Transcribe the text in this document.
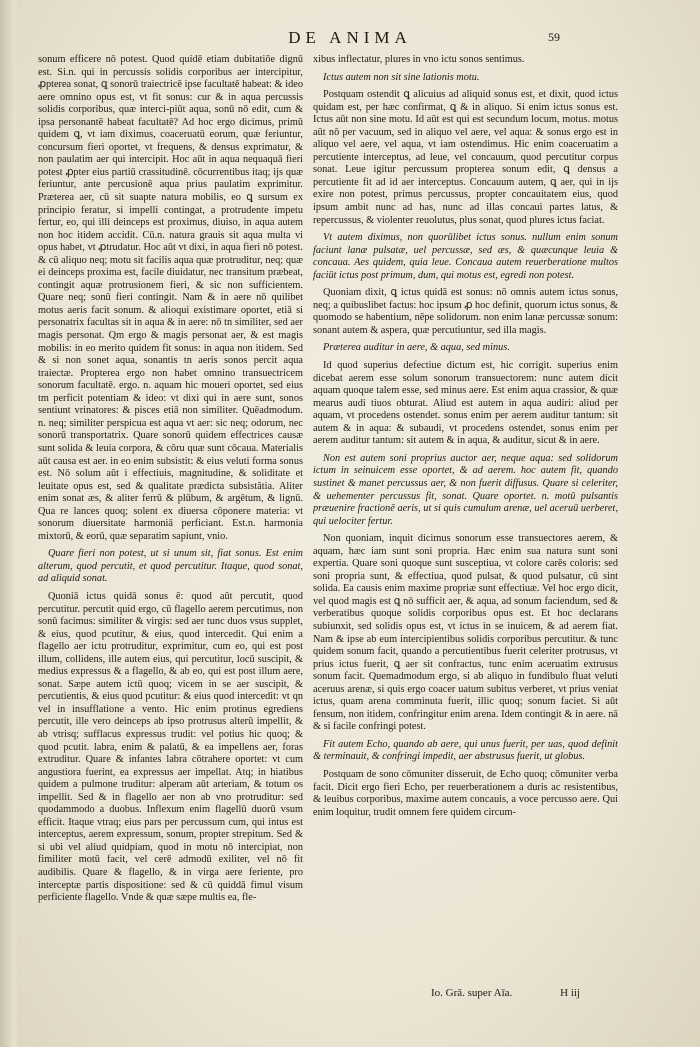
DE ANIMA	59

sonum efficere nō potest. Quod quidē etiam dubitatiōe dignū est. Si.n. qui in percussis solidis corporibus aer intercipitur, ꝓpterea sonat, ꝗ sonorū traiectricē ipse facultatē habeat: & ideo aere omnino opus est, vt fit sonus: cur & in aqua percussis solidis corporibus, quæ interci-piūt aqua, sonū nō edit, cum & ipsa personantē habeat facultatē? Ad hoc ergo dicimus, primū quidem ꝗ, vt iam diximus, coaceruatū eorum, quæ feriuntur, concursum fieri oportet, vt frequens, & densus exprimatur, & non paulatim aer qui intercipit. Hoc aūt in aqua nequaquā fieri potest ꝓpter eius partiū crassitudinē. cōcurrentibus itaq; ijs quæ feriuntur, ante percusionē aqua prius paulatim exprimitur. Præterea aer, cū sit suapte natura mobilis, eo ꝗ sursum ex principio feratur, si impelli contingat, a protrudente impetu fertur, eo, qui illi deinceps est proximus, diuiso, in aqua autem non hoc itidem accidit. Cū.n. natura grauis sit aqua multa vi opus habet, vt ꝓtrudatur. Hoc aūt vt dixi, in aqua fieri nō potest. & cū aliquo neq; motu sit facilis aqua quæ protruditur, neq; quæ ei deinceps proxima est, facile diuidatur, nec transitum præbeat, contingit aquæ protrusionem fieri, & sic non sufficientem. Quare neq; sonū fieri contingit. Nam & in aere nō quilibet motus aeris facit sonum. & alioqui existimare oportet, etiā si personatrix facultas sit in aqua & in aere: nō tn similiter, sed aer magis personat. Qm ergo & magis personat aer, & est magis mobilis: in eo merito quidem fit sonus: in aqua non itidem. Sed & si non sonet aqua, sonantis tn aeris sonos percit aqua traiectæ. Propterea ergo non habet omnino transuectricem sonorum facultatē. ergo. n. aquam hic moueri oportet, sed eius tm perficit potentiam & ideo: vt dixi qui in aere sunt, sonos sentiunt vrinatores: & pisces etiā non similiter. Quēadmodum. n. neq; similiter perspicua est aqua vt aer: sic neq; odorum, nec sonorū transportatrix. Quare sonorū quidem effectrices causæ sunt solida & leuia corpora, & cōru quæ sunt cōcaua. Materialis aūt causa est aer. in eo enim subsistit: & eius veluti forma sonus est. Nō solum aūt i effectiuis, magnitudine, & soliditate et leuitate opus est, sed & qualitate prædicta subsistātia. Aliter enim sonat æs, & aliter ferrū & plūbum, & argētum, & lignū. Qua re lances quoq; solent ex diuersa cōponere materia: vt sonorum diuersitate harmoniā perficiant. Est.n. harmonia mixtorū, & eorū, quæ separatim sapiunt, vnio.

Quare fieri non potest, ut si unum sit, fiat sonus. Est enim alterum, quod percutit, et quod percutitur. Itaque, quod sonat, ad aliquid sonat.

Quoniā ictus quidā sonus ē: quod aūt percutit, quod percutitur. percutit quid ergo, cū flagello aerem percutimus, non sonū facimus: similiter & virgis: sed aer tunc duos vsus supplet, & eius, quod pcutitur, & eius, quod intercedit. Qui enim a flagello aer ictu protruditur, exprimitur, cum eo, qui est post illum, collidens, ille autem eius, qui percutitur, locū suscipit, & medius expressus & a flagello, & ab eo, qui est post illum aere, sonat. Sæpe autem ictū quoq; vicem in se aer suscipit, & percutientis, & eius quod pcutitur: & eius quod intercedit: vt qn vel in insufflatione a vento. Hic enim protinus egrediens percutit, ille vero deinceps ab ipso protrusus alterū impellit, & ab vtrisq; sufflacus expressus trudit: vel potius hic quoq; & quod pcutit. labra, enim & palatū, & ea impellens aer, foras extruditur. Quare & infantes labra cōtrahere oportet: vt cum angustiora fuerint, ea expressus aer impellat. Atq; in hiatibus quidem a pulmone truditur: alperam aūt arteriam, & totum os impellit. Sed & in flagello aer non ab vno protruditur: sed quodammodo a duobus. Inflexum enim flagellū duorū vsum efficit. Itaque vtraq; eius pars per percussum cum, qui intus est interceptus, aerem expressum, sonum, propter strepitum. Sed & si ubi vel aliud quidpiam, quod in motu nō intercipiat, non fimiliter motū facit, vel cerē admodū exiliter, vel nō fit audibilis. Quare & flagello, & in virga aere feriente, pro interceptæ partis dispositione: sed & cū quiddā fimul visum perficiente flagello. Vnde & quæ sæpe multis ea, fle-

xibus inflectatur, plures in vno ictu sonos sentimus.

Ictus autem non sit sine lationis motu.

Postquam ostendit ꝗ alicuius ad aliquid sonus est, et dixit, quod ictus quidam est, per hæc confirmat, ꝗ & in aliquo. Si enim ictus sonus est. Ictus aūt non sine motu. Id aūt est qui est secundum locum, motus. motus aūt nō per vacuum, sed in aliquo vel aere, vel aqua: & sonus ergo est in aliquo vel aere, vel aqua, vt iam ostendimus. Hic enim coaceruatim a percutiente interceptus, ad leue, vel concauum, quod percutitur corpus sonat. Leue igitur percussum propterea sonum edit, ꝗ densus a percutiente fit ad id aer interceptus. Concauum autem, ꝗ aer, qui in ijs exire non potest, primus percussus, propter concauitatem eius, quod ipsum ambit nunc ad has, nunc ad illas concaui partes latus, & repercussus, & violenter reuolutus, plus sonat, quod plures ictus faciat.

Vt autem diximus, non quorūlibet ictus sonus. nullum enim sonum faciunt lanæ pulsatæ, uel percussæ, sed æs, & quæcunque leuia & concaua. Aes quidem, quia leue. Concaua autem reuerberatione multos faciūt ictus post primum, dum, qui motus est, egredi non potest.

Quoniam dixit, ꝗ ictus quidā est sonus: nō omnis autem ictus sonus, neq; a quibuslibet factus: hoc ipsum ꝓ hoc definit, quorum ictus sonus, & quomodo se habentium, nēpe solidorum. non enim lanæ percussæ sonum: sonant autem & aspera, quæ percutiuntur, sed illa magis.

Præterea auditur in aere, & aqua, sed minus.

Id quod superius defectiue dictum est, hic corrigit. superius enim dicebat aerem esse solum sonorum transuectorem: nunc autem dicit aquam quoque talem esse, sed minus aere. Est enim aqua crassior, & quæ mearus audi tiuos obturat. Aliud est autem in aqua audiri: aliud per aquam, vt procedens ostendet. sonus enim per aerem auditur tantum: sit autem & in aqua: & subaudi, vt procedens ostendet, sonus enim per aerem auditur tantum: sit autem & in aqua, & auditur, sicut & in aere.

Non est autem soni proprius auctor aer, neque aqua: sed solidorum ictum in seinuicem esse oportet, & ad aerem. hoc autem fit, quando sustinet & manet percussus aer, & non fuerit diffusus. Quare si celeriter, & uehementer percussus fit, sonat. Quare oportet. n. motū pulsantis præuenire fractionē aeris, ut si quis cumulum arenæ, uel aceruū uerberet, qui uelociter fertur.

Non quoniam, inquit dicimus sonorum esse transuectores aerem, & aquam, hæc iam sunt soni propria. Hæc enim sua natura sunt soni expertia. Quare soni quoque sunt susceptiua, vt colore carēs coloris: sed soni propria sunt, & effectiua, quod pulsat, & quod pulsatur, cū sint solida. Ea causis enim maxime propriæ sunt effectiuæ. Vel hoc ergo dicit, vel quod magis est ꝗ nō sufficit aer, & aqua, ad sonum faciendum, sed & verberatibus quoque solidis corporibus opus est. Et hoc declarans subiunxit, sed solidis opus est, vt ictus in se inuicem, & ad aerem fiat. Nam & ipse ab eum intercipientibus solidis corporibus percutitur. & tunc quidem sonum facit, quando a percutientibus fuerit celeriter protrusus, vt prius ictus fuerit, ꝗ aer sit confractus, tunc enim aceruatim extrusus sonum facit. Quemadmodum ergo, si ab aliquo in fundibulo fluat veluti aceruus arenæ, si quis ergo coacer uatum subitus verberet, vt prius veniat ictus, quam arena comminuta fuerit, illic quoq; sonum faciet. Si aūt fensum, non itidem, confringitur enim arena. Idem contingit & in aere. nā & si facile confringi potest.

Fit autem Echo, quando ab aere, qui unus fuerit, per uas, quod definit & terminauit, & confringi impedit, aer abstrusus fuerit, ut globus.

Postquam de sono cōmuniter disseruit, de Echo quoq; cōmuniter verba facit. Dicit ergo fieri Echo, per reuerberationem a duris ac resistentibus, & leuibus corporibus, maxime autem concauis, a voce percusso aere. Qui enim loquitur, trudit omnem fere quidem circum-

Io. Grā. super Aīa.	H iij
